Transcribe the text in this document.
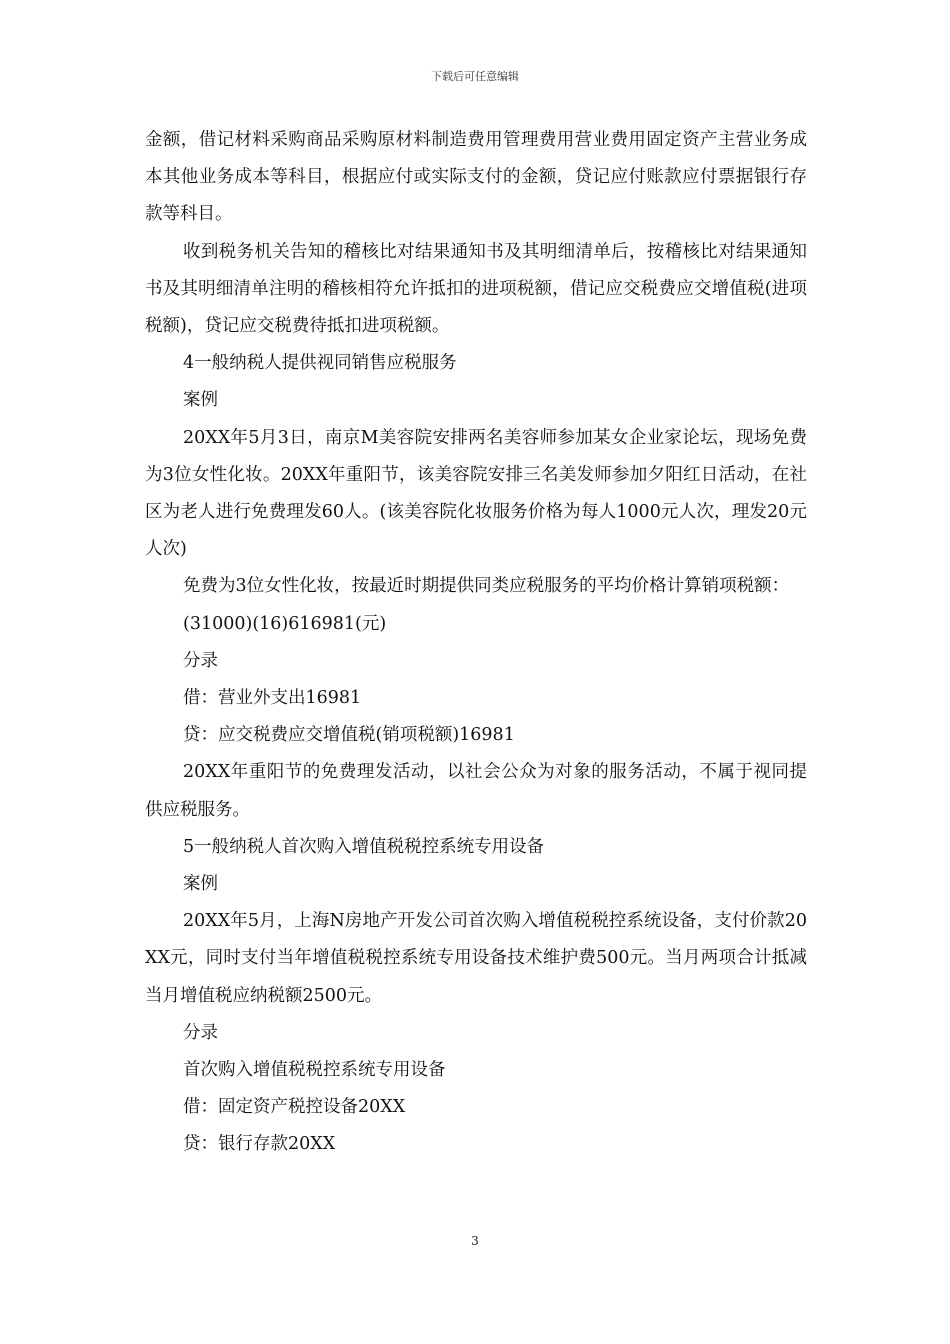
下载后可任意编辑

金额，借记材料采购商品采购原材料制造费用管理费用营业费用固定资产主营业务成本其他业务成本等科目，根据应付或实际支付的金额，贷记应付账款应付票据银行存款等科目。

收到税务机关告知的稽核比对结果通知书及其明细清单后，按稽核比对结果通知书及其明细清单注明的稽核相符允许抵扣的进项税额，借记应交税费应交增值税(进项税额)，贷记应交税费待抵扣进项税额。

4一般纳税人提供视同销售应税服务

案例

20XX年5月3日，南京M美容院安排两名美容师参加某女企业家论坛，现场免费为3位女性化妆。20XX年重阳节，该美容院安排三名美发师参加夕阳红日活动，在社区为老人进行免费理发60人。(该美容院化妆服务价格为每人1000元人次，理发20元人次)

免费为3位女性化妆，按最近时期提供同类应税服务的平均价格计算销项税额：

(31000)(16)616981(元)

分录

借：营业外支出16981

贷：应交税费应交增值税(销项税额)16981

20XX年重阳节的免费理发活动，以社会公众为对象的服务活动，不属于视同提供应税服务。

5一般纳税人首次购入增值税税控系统专用设备

案例

20XX年5月，上海N房地产开发公司首次购入增值税税控系统设备，支付价款20XX元，同时支付当年增值税税控系统专用设备技术维护费500元。当月两项合计抵减当月增值税应纳税额2500元。

分录

首次购入增值税税控系统专用设备

借：固定资产税控设备20XX

贷：银行存款20XX

3
